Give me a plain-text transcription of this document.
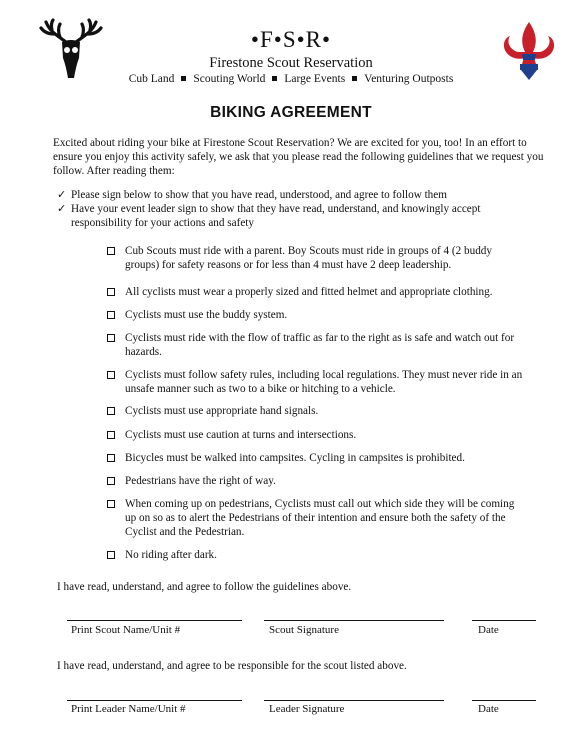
•F•S•R•
Firestone Scout Reservation
Cub Land Scouting World Large Events Venturing Outposts
BIKING AGREEMENT
Excited about riding your bike at Firestone Scout Reservation? We are excited for you, too! In an effort to ensure you enjoy this activity safely, we ask that you please read the following guidelines that we request you follow. After reading them:
✓ Please sign below to show that you have read, understood, and agree to follow them
✓ Have your event leader sign to show that they have read, understand, and knowingly accept responsibility for your actions and safety
Cub Scouts must ride with a parent. Boy Scouts must ride in groups of 4 (2 buddy groups) for safety reasons or for less than 4 must have 2 deep leadership.
All cyclists must wear a properly sized and fitted helmet and appropriate clothing.
Cyclists must use the buddy system.
Cyclists must ride with the flow of traffic as far to the right as is safe and watch out for hazards.
Cyclists must follow safety rules, including local regulations. They must never ride in an unsafe manner such as two to a bike or hitching to a vehicle.
Cyclists must use appropriate hand signals.
Cyclists must use caution at turns and intersections.
Bicycles must be walked into campsites. Cycling in campsites is prohibited.
Pedestrians have the right of way.
When coming up on pedestrians, Cyclists must call out which side they will be coming up on so as to alert the Pedestrians of their intention and ensure both the safety of the Cyclist and the Pedestrian.
No riding after dark.
I have read, understand, and agree to follow the guidelines above.
Print Scout Name/Unit #	Scout Signature	Date
I have read, understand, and agree to be responsible for the scout listed above.
Print Leader Name/Unit #	Leader Signature	Date
